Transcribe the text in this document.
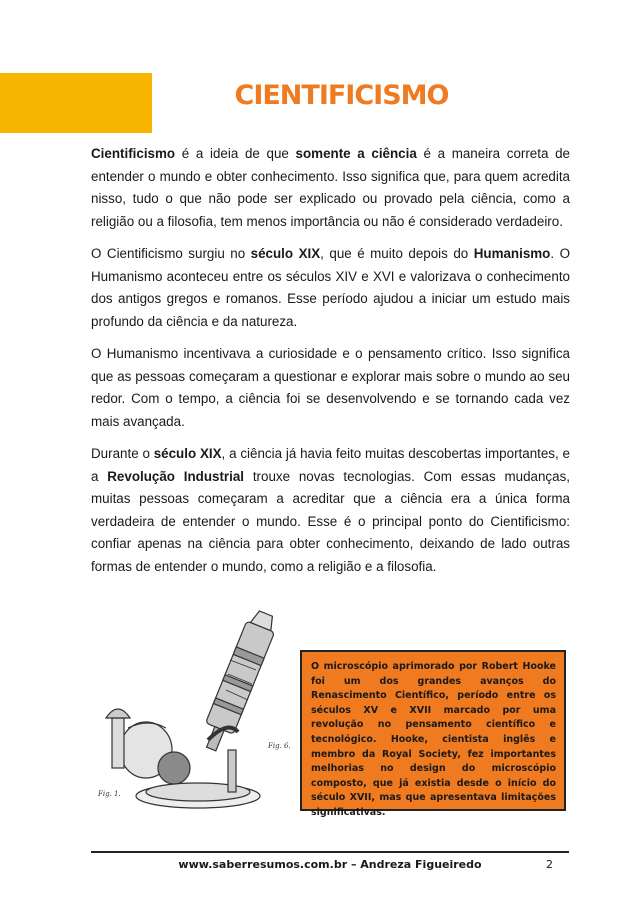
CIENTIFICISMO

Cientificismo é a ideia de que somente a ciência é a maneira correta de entender o mundo e obter conhecimento. Isso significa que, para quem acredita nisso, tudo o que não pode ser explicado ou provado pela ciência, como a religião ou a filosofia, tem menos importância ou não é considerado verdadeiro.

O Cientificismo surgiu no século XIX, que é muito depois do Humanismo. O Humanismo aconteceu entre os séculos XIV e XVI e valorizava o conhecimento dos antigos gregos e romanos. Esse período ajudou a iniciar um estudo mais profundo da ciência e da natureza.

O Humanismo incentivava a curiosidade e o pensamento crítico. Isso significa que as pessoas começaram a questionar e explorar mais sobre o mundo ao seu redor. Com o tempo, a ciência foi se desenvolvendo e se tornando cada vez mais avançada.

Durante o século XIX, a ciência já havia feito muitas descobertas importantes, e a Revolução Industrial trouxe novas tecnologias. Com essas mudanças, muitas pessoas começaram a acreditar que a ciência era a única forma verdadeira de entender o mundo. Esse é o principal ponto do Cientificismo: confiar apenas na ciência para obter conhecimento, deixando de lado outras formas de entender o mundo, como a religião e a filosofia.

Fig. 1.
Fig. 6.

O microscópio aprimorado por Robert Hooke foi um dos grandes avanços do Renascimento Científico, período entre os séculos XV e XVII marcado por uma revolução no pensamento científico e tecnológico. Hooke, cientista inglês e membro da Royal Society, fez importantes melhorias no design do microscópio composto, que já existia desde o início do século XVII, mas que apresentava limitações significativas.

www.saberresumos.com.br – Andreza Figueiredo	2
